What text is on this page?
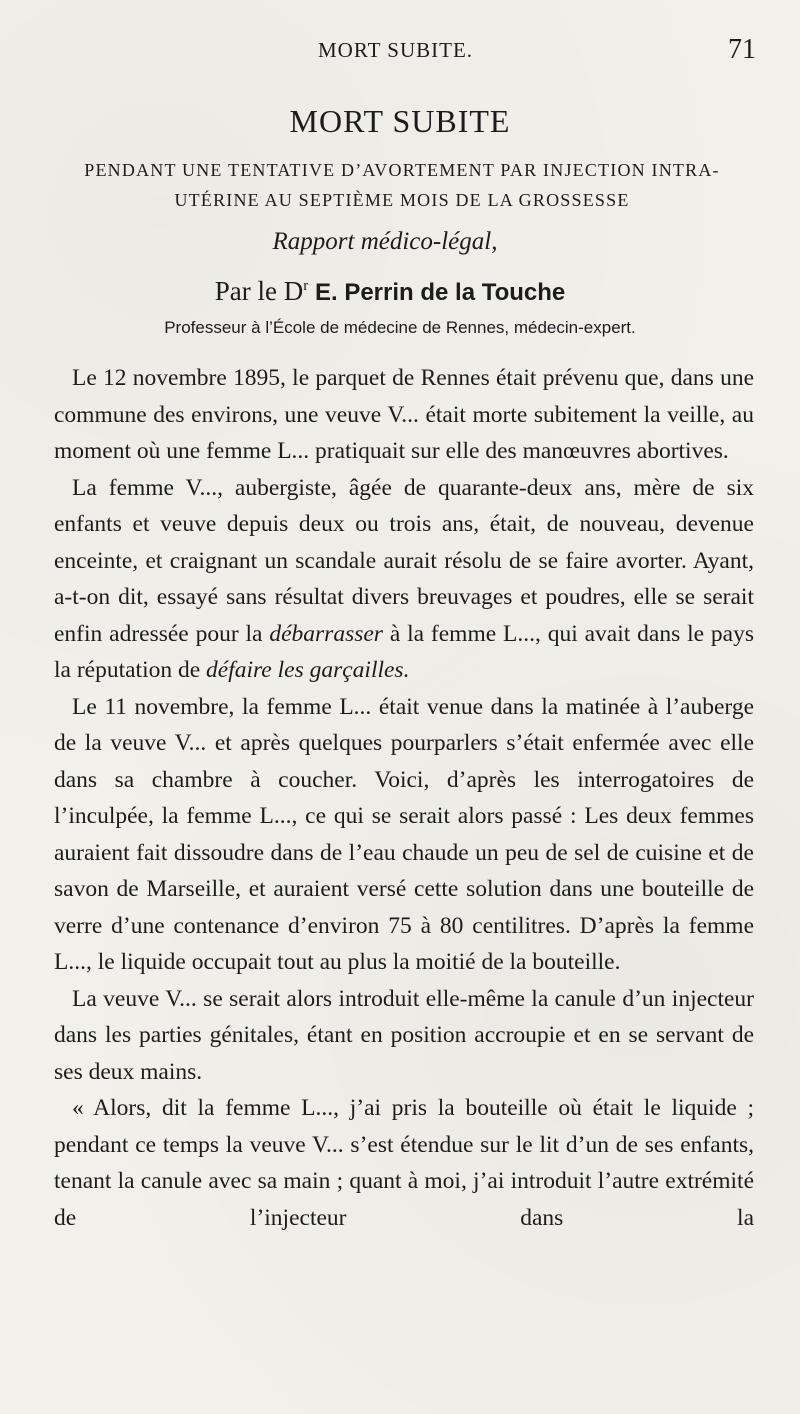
MORT SUBITE.	71
MORT SUBITE
PENDANT UNE TENTATIVE D’AVORTEMENT PAR INJECTION INTRA-
UTÉRINE AU SEPTIÈME MOIS DE LA GROSSESSE
Rapport médico-légal,
Par le $D^r$ E. Perrin de la Touche
Professeur à l’École de médecine de Rennes, médecin-expert.

Le 12 novembre 1895, le parquet de Rennes était prévenu que, dans une commune des environs, une veuve V... était morte subitement la veille, au moment où une femme L... pratiquait sur elle des manœuvres abortives.

La femme V..., aubergiste, âgée de quarante-deux ans, mère de six enfants et veuve depuis deux ou trois ans, était, de nouveau, devenue enceinte, et craignant un scandale aurait résolu de se faire avorter. Ayant, a-t-on dit, essayé sans résultat divers breuvages et poudres, elle se serait enfin adressée pour la débarrasser à la femme L..., qui avait dans le pays la réputation de défaire les garçailles.

Le 11 novembre, la femme L... était venue dans la matinée à l’auberge de la veuve V... et après quelques pourparlers s’était enfermée avec elle dans sa chambre à coucher. Voici, d’après les interrogatoires de l’inculpée, la femme L..., ce qui se serait alors passé : Les deux femmes auraient fait dissoudre dans de l’eau chaude un peu de sel de cuisine et de savon de Marseille, et auraient versé cette solution dans une bouteille de verre d’une contenance d’environ 75 à 80 centilitres. D’après la femme L..., le liquide occupait tout au plus la moitié de la bouteille.

La veuve V... se serait alors introduit elle-même la canule d’un injecteur dans les parties génitales, étant en position accroupie et en se servant de ses deux mains.

« Alors, dit la femme L..., j’ai pris la bouteille où était le liquide ; pendant ce temps la veuve V... s’est étendue sur le lit d’un de ses enfants, tenant la canule avec sa main ; quant à moi, j’ai introduit l’autre extrémité de l’injecteur dans la
